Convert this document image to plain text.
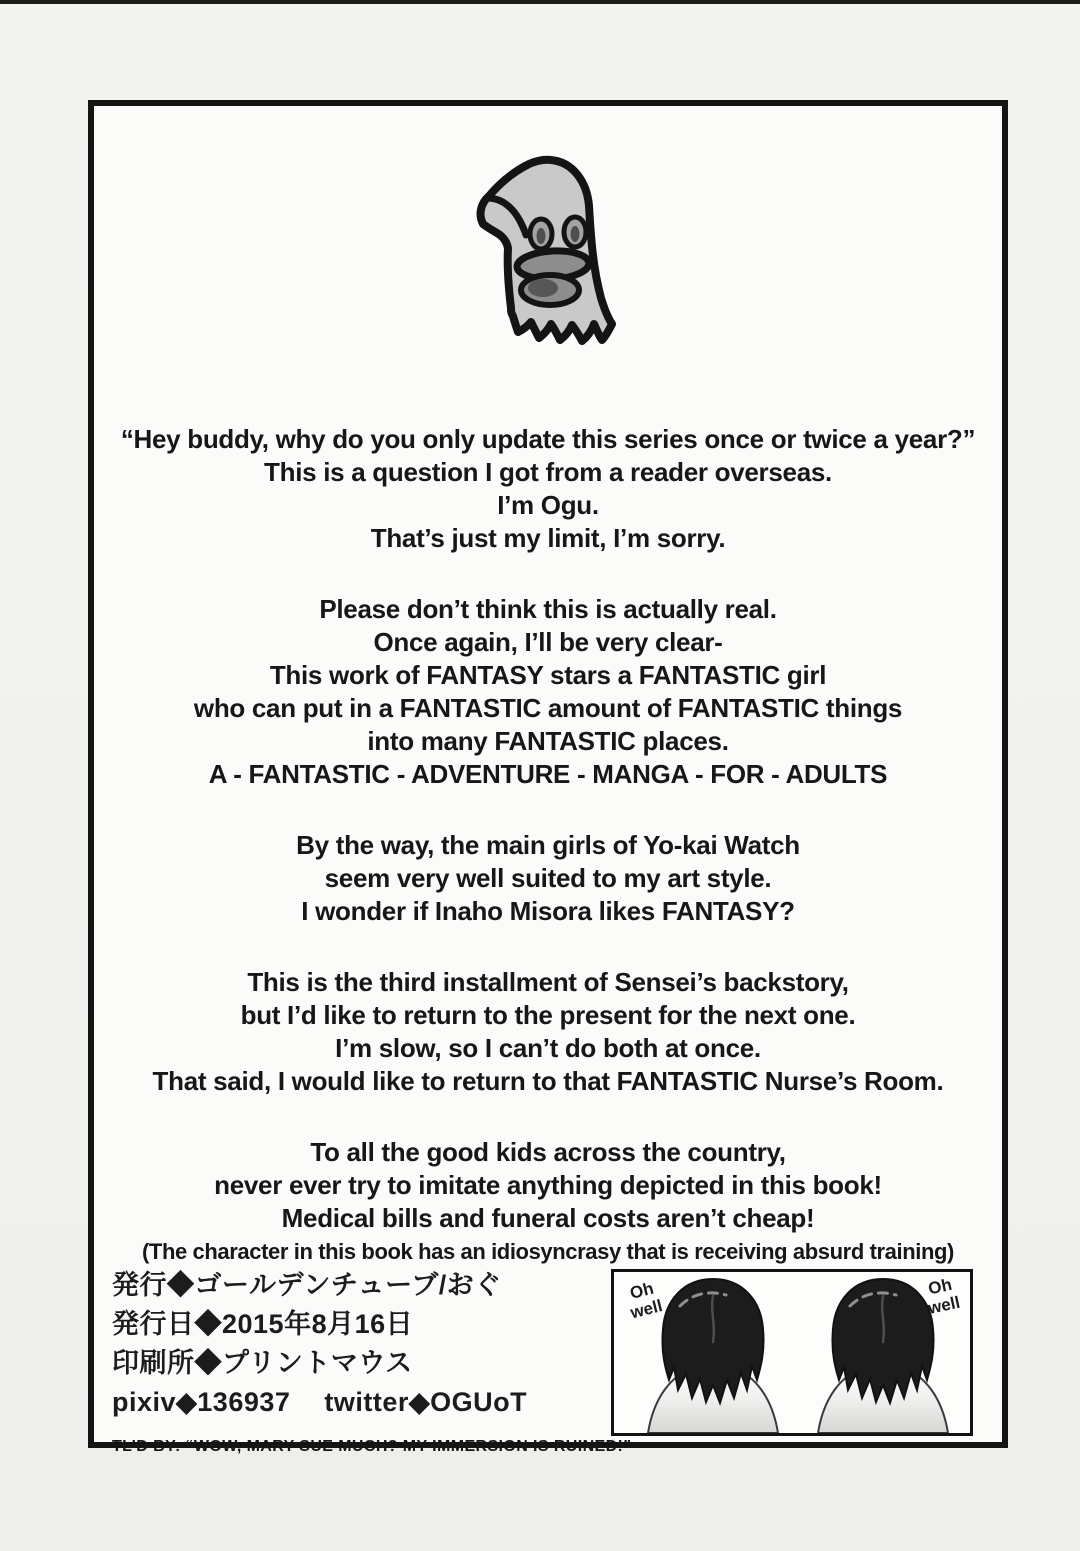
“Hey buddy, why do you only update this series once or twice a year?”
This is a question I got from a reader overseas.
I’m Ogu.
That’s just my limit, I’m sorry.

Please don’t think this is actually real.
Once again, I’ll be very clear-
This work of FANTASY stars a FANTASTIC girl
who can put in a FANTASTIC amount of FANTASTIC things
into many FANTASTIC places.
A - FANTASTIC - ADVENTURE - MANGA - FOR - ADULTS

By the way, the main girls of Yo-kai Watch
seem very well suited to my art style.
I wonder if Inaho Misora likes FANTASY?

This is the third installment of Sensei’s backstory,
but I’d like to return to the present for the next one.
I’m slow, so I can’t do both at once.
That said, I would like to return to that FANTASTIC Nurse’s Room.

To all the good kids across the country,
never ever try to imitate anything depicted in this book!
Medical bills and funeral costs aren’t cheap!
(The character in this book has an idiosyncrasy that is receiving absurd training)

発行◆ゴールデンチューブ/おぐ
発行日◆2015年8月16日
印刷所◆プリントマウス
pixiv◆136937 twitter◆OGUoT
TL’D BY: “WOW, MARY SUE MUCH? MY IMMERSION IS RUINED!”
Oh
well
Oh
well
